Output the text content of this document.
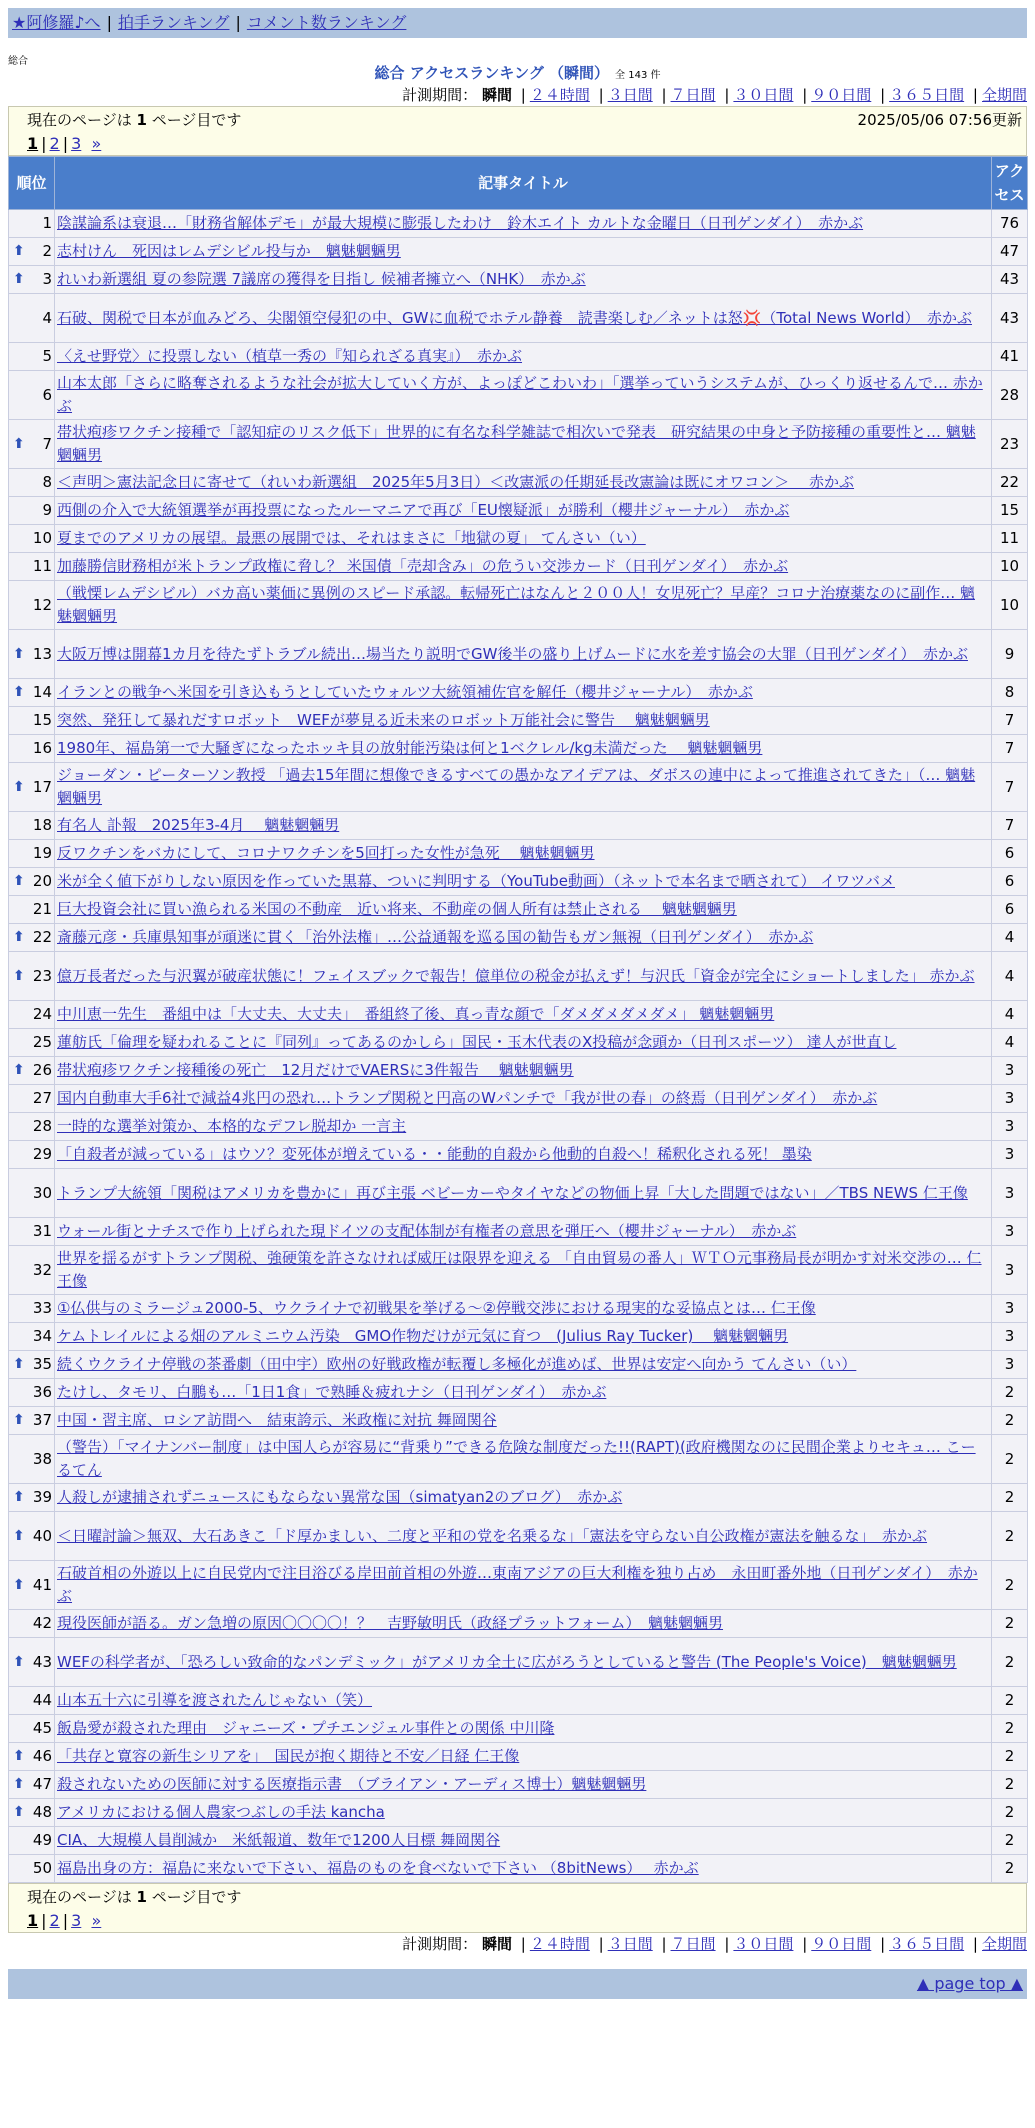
★阿修羅♪へ | 拍手ランキング | コメント数ランキング
総合
総合 アクセスランキング （瞬間） 全 143 件
計測期間： 瞬間 | ２４時間 | ３日間 | ７日間 | ３０日間 | ９０日間 | ３６５日間 | 全期間
現在のページは 1 ページ目です	2025/05/06 07:56更新
1 | 2 | 3 »
順位	記事タイトル	アクセス
1	陰謀論系は衰退…「財務省解体デモ」が最大規模に膨張したわけ　鈴木エイト カルトな金曜日（日刊ゲンダイ）　赤かぶ	76

⬆ 2	志村けん　死因はレムデシビル投与か　魑魅魍魎男	47

⬆ 3	れいわ新選組 夏の参院選 7議席の獲得を目指し 候補者擁立へ（NHK）　赤かぶ	43
4	石破、関税で日本が血みどろ、尖閣領空侵犯の中、GWに血税でホテル静養　読書楽しむ／ネットは怒💢（Total News World）　赤かぶ	43
5	〈えせ野党〉に投票しない（植草一秀の『知られざる真実』）　赤かぶ	41
6	山本太郎「さらに略奪されるような社会が拡大していく方が、よっぽどこわいわ」「選挙っていうシステムが、ひっくり返せるんで… 赤かぶ	28

⬆ 7	帯状疱疹ワクチン接種で「認知症のリスク低下」世界的に有名な科学雑誌で相次いで発表　研究結果の中身と予防接種の重要性と… 魑魅魍魎男	23
8	＜声明＞憲法記念日に寄せて（れいわ新選組　2025年5月3日）＜改憲派の任期延長改憲論は既にオワコン＞　 赤かぶ	22
9	西側の介入で大統領選挙が再投票になったルーマニアで再び「EU懐疑派」が勝利（櫻井ジャーナル）　赤かぶ	15
10	夏までのアメリカの展望。最悪の展開では、それはまさに「地獄の夏」 てんさい（い）	11
11	加藤勝信財務相が米トランプ政権に脅し？ 米国債「売却含み」の危うい交渉カード（日刊ゲンダイ）　赤かぶ	10
12	（戦慄レムデシビル）バカ高い薬価に異例のスピード承認。転帰死亡はなんと２００人！女児死亡？早産？コロナ治療薬なのに副作… 魑魅魍魎男	10

⬆ 13	大阪万博は開幕1カ月を待たずトラブル続出…場当たり説明でGW後半の盛り上げムードに水を差す協会の大罪（日刊ゲンダイ）　赤かぶ	9

⬆ 14	イランとの戦争へ米国を引き込もうとしていたウォルツ大統領補佐官を解任（櫻井ジャーナル）　赤かぶ	8
15	突然、発狂して暴れだすロボット　WEFが夢見る近未来のロボット万能社会に警告　 魑魅魍魎男	7
16	1980年、福島第一で大騒ぎになったホッキ貝の放射能汚染は何と1ベクレル/kg未満だった　 魑魅魍魎男	7

⬆ 17	ジョーダン・ピーターソン教授 「過去15年間に想像できるすべての愚かなアイデアは、ダボスの連中によって推進されてきた」（… 魑魅魍魎男	7
18	有名人 訃報　2025年3-4月　 魑魅魍魎男	7
19	反ワクチンをバカにして、コロナワクチンを5回打った女性が急死　 魑魅魍魎男	6

⬆ 20	米が全く値下がりしない原因を作っていた黒幕、ついに判明する（YouTube動画）（ネットで本名まで晒されて） イワツバメ	6
21	巨大投資会社に買い漁られる米国の不動産　近い将来、不動産の個人所有は禁止される　 魑魅魍魎男	6

⬆ 22	斎藤元彦・兵庫県知事が頑迷に貫く「治外法権」…公益通報を巡る国の勧告もガン無視（日刊ゲンダイ）　赤かぶ	4

⬆ 23	億万長者だった与沢翼が破産状態に！フェイスブックで報告！億単位の税金が払えず！与沢氏「資金が完全にショートしました」 赤かぶ	4
24	中川恵一先生　番組中は「大丈夫、大丈夫」　番組終了後、真っ青な顔で「ダメダメダメダメ」 魑魅魍魎男	4
25	蓮舫氏「倫理を疑われることに『同列』ってあるのかしら」国民・玉木代表のX投稿が念頭か（日刊スポーツ） 達人が世直し	4

⬆ 26	帯状疱疹ワクチン接種後の死亡　12月だけでVAERSに3件報告　 魑魅魍魎男	3
27	国内自動車大手6社で減益4兆円の恐れ…トランプ関税と円高のWパンチで「我が世の春」の終焉（日刊ゲンダイ）　赤かぶ	3
28	一時的な選挙対策か、本格的なデフレ脱却か 一言主	3
29	「自殺者が減っている」はウソ？変死体が増えている・・能動的自殺から他動的自殺へ！稀釈化される死！ 墨染	3
30	トランプ大統領「関税はアメリカを豊かに」再び主張 ベビーカーやタイヤなどの物価上昇「大した問題ではない」／TBS NEWS 仁王像	3
31	ウォール街とナチスで作り上げられた現ドイツの支配体制が有権者の意思を弾圧へ（櫻井ジャーナル）　赤かぶ	3
32	世界を揺るがすトランプ関税、強硬策を許さなければ威圧は限界を迎える 「自由貿易の番人」ＷＴＯ元事務局長が明かす対米交渉の… 仁王像	3
33	①仏供与のミラージュ2000-5、ウクライナで初戦果を挙げる～②停戦交渉における現実的な妥協点とは… 仁王像	3
34	ケムトレイルによる畑のアルミニウム汚染　GMO作物だけが元気に育つ　(Julius Ray Tucker)　 魑魅魍魎男	3

⬆ 35	続くウクライナ停戦の茶番劇（田中宇）欧州の好戦政権が転覆し多極化が進めば、世界は安定へ向かう てんさい（い）	3
36	たけし、タモリ、白鵬も…「1日1食」で熟睡＆疲れナシ（日刊ゲンダイ）　赤かぶ	2

⬆ 37	中国・習主席、ロシア訪問へ　結束誇示、米政権に対抗 舞岡関谷	2
38	（警告）「マイナンバー制度」は中国人らが容易に“背乗り”できる危険な制度だった!!(RAPT)(政府機関なのに民間企業よりセキュ… こーるてん	2

⬆ 39	人殺しが逮捕されずニュースにもならない異常な国（simatyan2のブログ）　赤かぶ	2

⬆ 40	＜日曜討論＞無双、大石あきこ「ド厚かましい、二度と平和の党を名乗るな」「憲法を守らない自公政権が憲法を触るな」　赤かぶ	2

⬆ 41	石破首相の外遊以上に自民党内で注目浴びる岸田前首相の外遊…東南アジアの巨大利権を独り占め　永田町番外地（日刊ゲンダイ）　赤かぶ	2
42	現役医師が語る。ガン急増の原因〇〇〇〇！？　吉野敏明氏（政経プラットフォーム）　魑魅魍魎男	2

⬆ 43	WEFの科学者が、「恐ろしい致命的なパンデミック」がアメリカ全土に広がろうとしていると警告 (The People's Voice)　魑魅魍魎男	2
44	山本五十六に引導を渡されたんじゃない（笑）	2
45	飯島愛が殺された理由　ジャニーズ・プチエンジェル事件との関係 中川隆	2

⬆ 46	「共存と寛容の新生シリアを」　国民が抱く期待と不安／日経 仁王像	2

⬆ 47	殺されないための医師に対する医療指示書　（ブライアン・アーディス博士）魑魅魍魎男	2

⬆ 48	アメリカにおける個人農家つぶしの手法 kancha	2
49	CIA、大規模人員削減か　米紙報道、数年で1200人目標 舞岡関谷	2
50	福島出身の方：福島に来ないで下さい、福島のものを食べないで下さい （8bitNews）　 赤かぶ	2
現在のページは 1 ページ目です
1 | 2 | 3 »
計測期間： 瞬間 | ２４時間 | ３日間 | ７日間 | ３０日間 | ９０日間 | ３６５日間 | 全期間
▲ page top ▲
